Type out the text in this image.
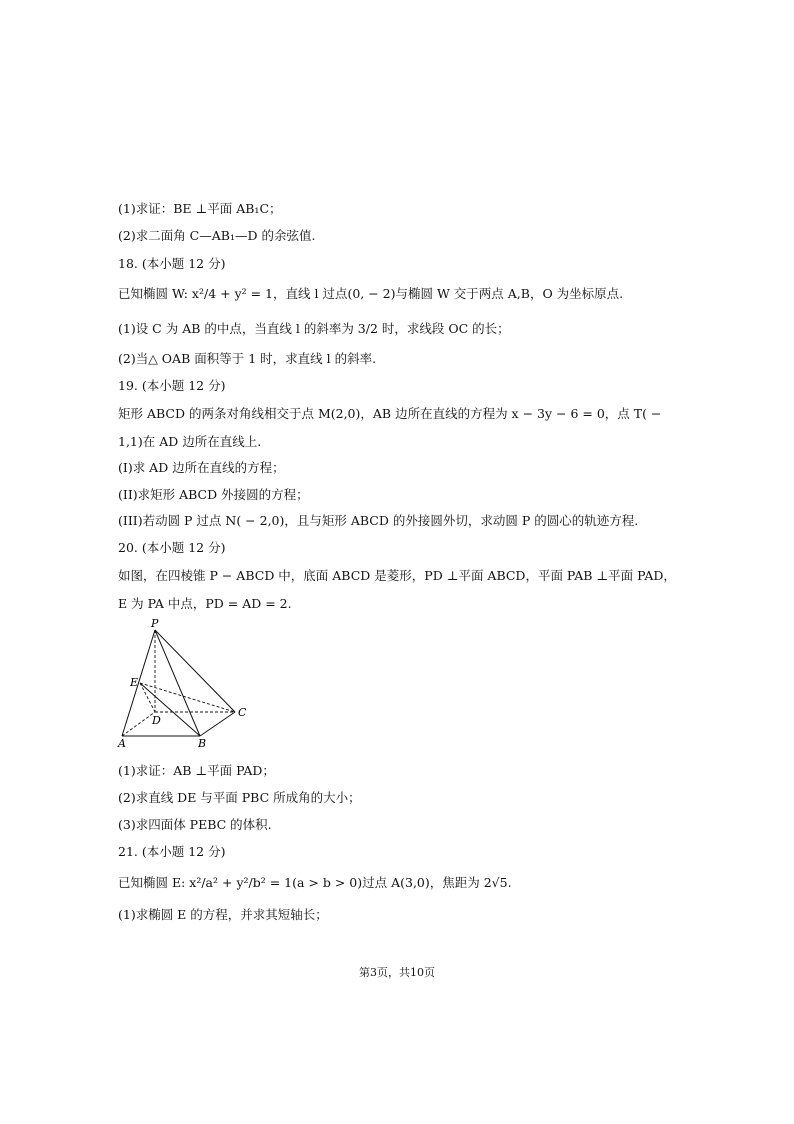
(1)求证：BE ⊥平面 AB₁C；
(2)求二面角 C—AB₁—D 的余弦值.
18. (本小题 12 分)
已知椭圆 W: x²/4 + y² = 1，直线 l 过点(0, − 2)与椭圆 W 交于两点 A,B，O 为坐标原点.
(1)设 C 为 AB 的中点，当直线 l 的斜率为 3/2 时，求线段 OC 的长；
(2)当△ OAB 面积等于 1 时，求直线 l 的斜率.
19. (本小题 12 分)
矩形 ABCD 的两条对角线相交于点 M(2,0)，AB 边所在直线的方程为 x − 3y − 6 = 0，点 T( − 1,1)在 AD 边所在直线上.
(I)求 AD 边所在直线的方程；
(II)求矩形 ABCD 外接圆的方程；
(III)若动圆 P 过点 N( − 2,0)，且与矩形 ABCD 的外接圆外切，求动圆 P 的圆心的轨迹方程.
20. (本小题 12 分)
如图，在四棱锥 P − ABCD 中，底面 ABCD 是菱形，PD ⊥平面 ABCD，平面 PAB ⊥平面 PAD，E 为 PA 中点，PD = AD = 2.
P
E
D
C
A	B
(1)求证：AB ⊥平面 PAD；
(2)求直线 DE 与平面 PBC 所成角的大小；
(3)求四面体 PEBC 的体积.
21. (本小题 12 分)
已知椭圆 E: x²/a² + y²/b² = 1(a > b > 0)过点 A(3,0)，焦距为 2√5.
(1)求椭圆 E 的方程，并求其短轴长；
第3页，共10页
